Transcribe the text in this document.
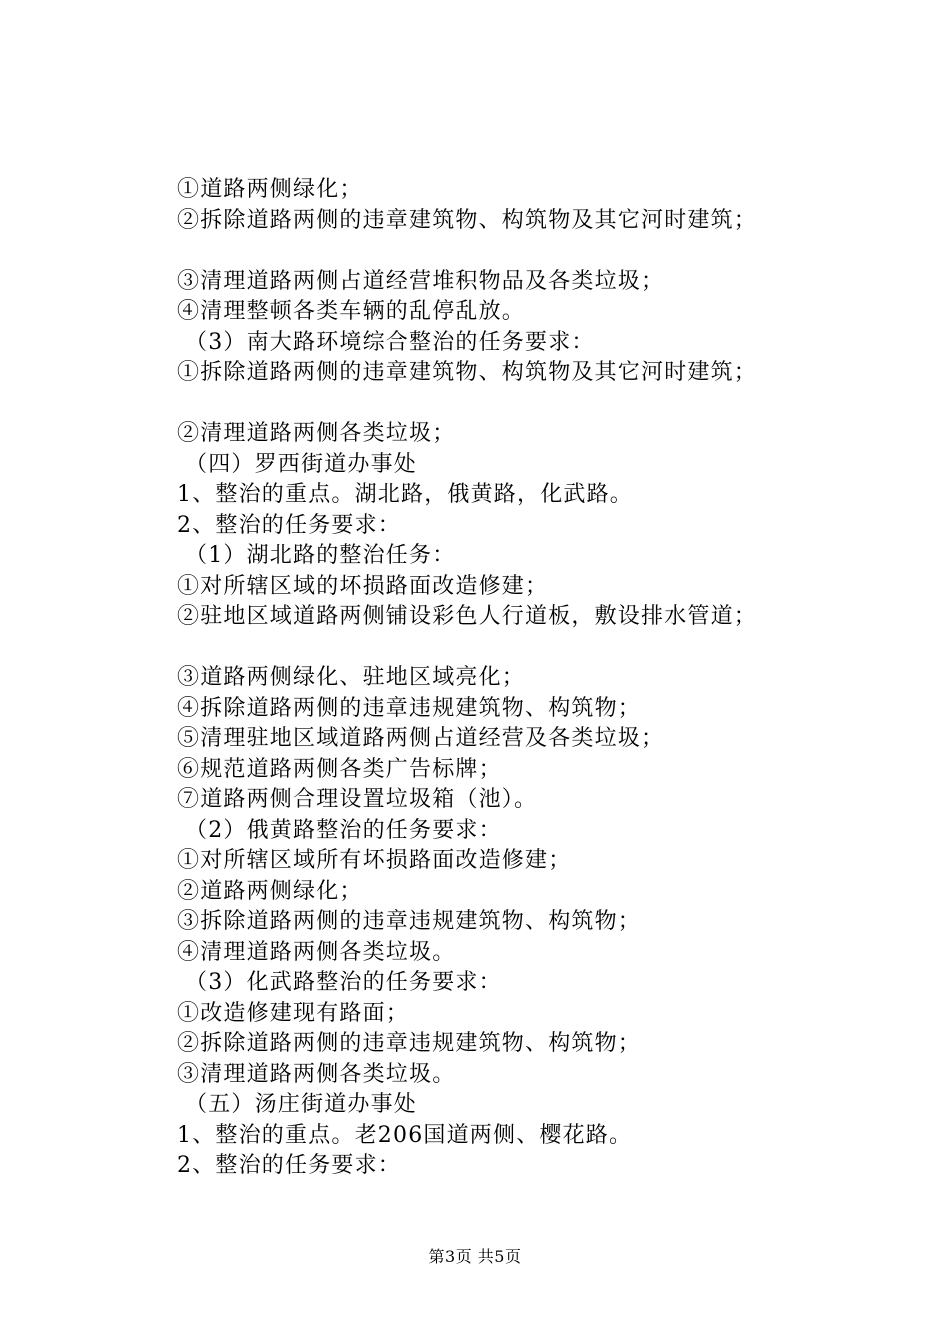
①道路两侧绿化；
②拆除道路两侧的违章建筑物、构筑物及其它河时建筑；
③清理道路两侧占道经营堆积物品及各类垃圾；
④清理整顿各类车辆的乱停乱放。
（3）南大路环境综合整治的任务要求：
①拆除道路两侧的违章建筑物、构筑物及其它河时建筑；
②清理道路两侧各类垃圾；
（四）罗西街道办事处
1、整治的重点。湖北路，俄黄路，化武路。
2、整治的任务要求：
（1）湖北路的整治任务：
①对所辖区域的坏损路面改造修建；
②驻地区域道路两侧铺设彩色人行道板，敷设排水管道；
③道路两侧绿化、驻地区域亮化；
④拆除道路两侧的违章违规建筑物、构筑物；
⑤清理驻地区域道路两侧占道经营及各类垃圾；
⑥规范道路两侧各类广告标牌；
⑦道路两侧合理设置垃圾箱（池）。
（2）俄黄路整治的任务要求：
①对所辖区域所有坏损路面改造修建；
②道路两侧绿化；
③拆除道路两侧的违章违规建筑物、构筑物；
④清理道路两侧各类垃圾。
（3）化武路整治的任务要求：
①改造修建现有路面；
②拆除道路两侧的违章违规建筑物、构筑物；
③清理道路两侧各类垃圾。
（五）汤庄街道办事处
1、整治的重点。老206国道两侧、樱花路。
2、整治的任务要求：
第3页 共5页
